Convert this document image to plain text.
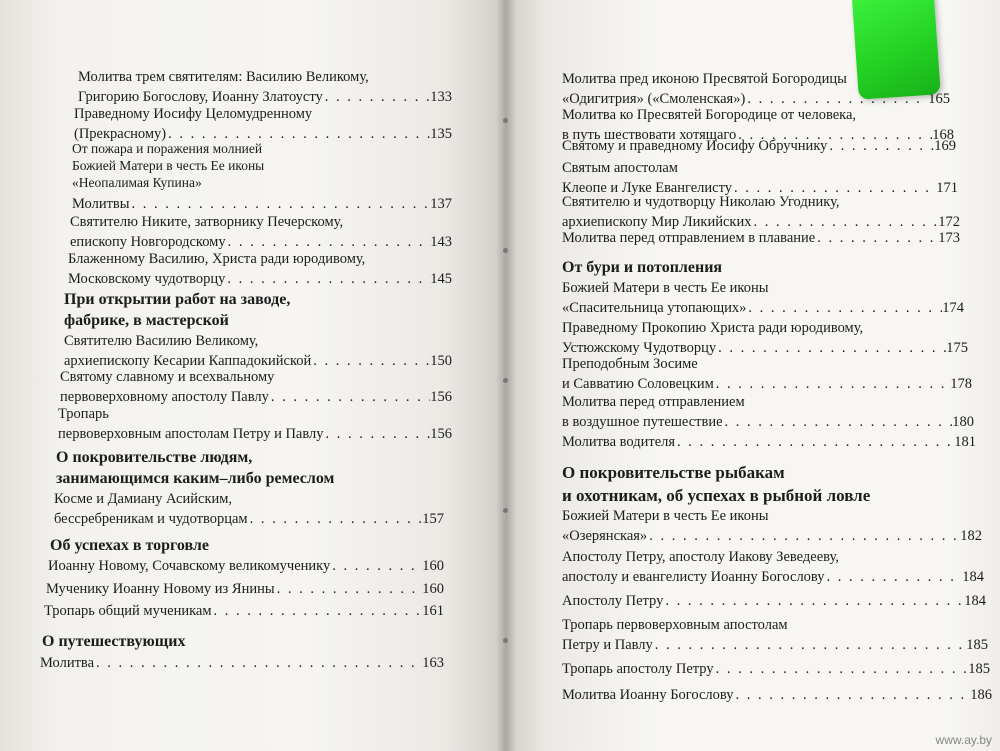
Молитва трем святителям: Василию Великому,
Григорию Богослову, Иоанну Златоусту . . .	133
Праведному Иосифу Целомудренному
(Прекрасному) . . .	135
От пожара и поражения молнией
Божией Матери в честь Ее иконы
«Неопалимая Купина»
Молитвы . . .	137
Святителю Никите, затворнику Печерскому,
епископу Новгородскому . . .	143
Блаженному Василию, Христа ради юродивому,
Московскому чудотворцу . . .	145
При открытии работ на заводе,
фабрике, в мастерской
Святителю Василию Великому,
архиепископу Кесарии Каппадокийской . . .	150
Святому славному и всехвальному
первоверховному апостолу Павлу . . .	156
Тропарь
первоверховным апостолам Петру и Павлу . . .	156
О покровительстве людям,
занимающимся каким–либо ремеслом
Косме и Дамиану Асийским,
бессребреникам и чудотворцам . . .	157
Об успехах в торговле
Иоанну Новому, Сочавскому великомученику . . .	160
Мученику Иоанну Новому из Янины . . .	160
Тропарь общий мученикам . . .	161
О путешествующих
Молитва . . .	163
Молитва пред иконою Пресвятой Богородицы
«Одигитрия» («Смоленская») . . .	165
Молитва ко Пресвятей Богородице от человека,
в путь шествовати хотящаго . . .	168
Святому и праведному Иосифу Обручнику . . .	169
Святым апостолам
Клеопе и Луке Евангелисту . . .	171
Святителю и чудотворцу Николаю Угоднику,
архиепископу Мир Ликийских . . .	172
Молитва перед отправлением в плавание . . .	173
От бури и потопления
Божией Матери в честь Ее иконы
«Спасительница утопающих» . . .	174
Праведному Прокопию Христа ради юродивому,
Устюжскому Чудотворцу . . .	175
Преподобным Зосиме
и Савватию Соловецким . . .	178
Молитва перед отправлением
в воздушное путешествие . . .	180
Молитва водителя . . .	181
О покровительстве рыбакам
и охотникам, об успехах в рыбной ловле
Божией Матери в честь Ее иконы
«Озерянская» . . .	182
Апостолу Петру, апостолу Иакову Зеведееву,
апостолу и евангелисту Иоанну Богослову . . .	184
Апостолу Петру . . .	184
Тропарь первоверховным апостолам
Петру и Павлу . . .	185
Тропарь апостолу Петру . . .	185
Молитва Иоанну Богослову . . .	186
www.ay.by
